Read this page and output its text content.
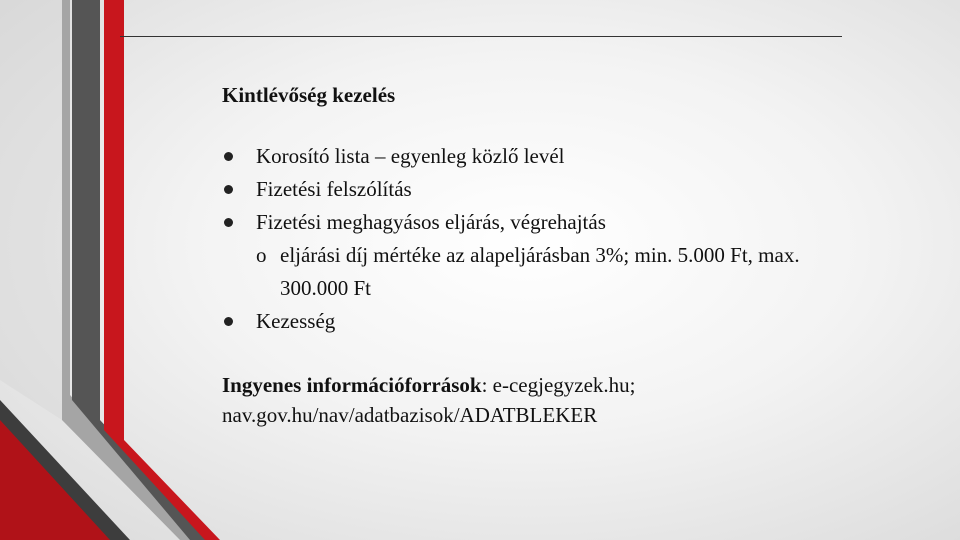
Kintlévőség kezelés

Korosító lista – egyenleg közlő levél
Fizetési felszólítás
Fizetési meghagyásos eljárás, végrehajtás
o eljárási díj mértéke az alapeljárásban 3%; min. 5.000 Ft, max. 300.000 Ft
Kezesség
Ingyenes információforrások: e-cegjegyzek.hu;
nav.gov.hu/nav/adatbazisok/ADATBLEKER
